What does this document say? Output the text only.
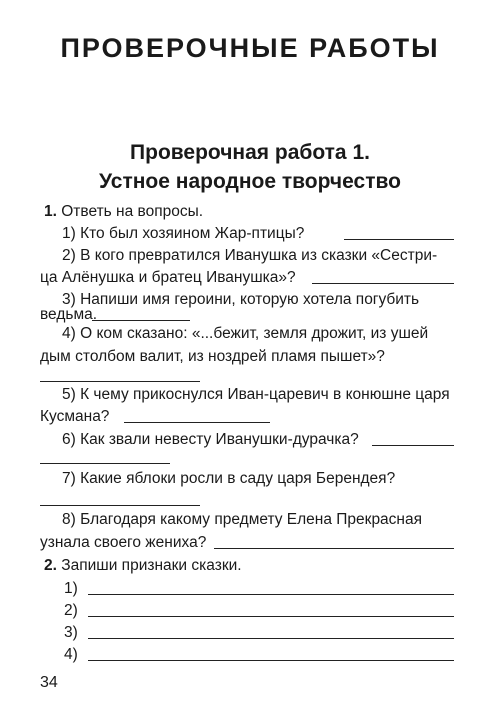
ПРОВЕРОЧНЫЕ РАБОТЫ
Проверочная работа 1.
Устное народное творчество
1. Ответь на вопросы.
1) Кто был хозяином Жар-птицы?
2) В кого превратился Иванушка из сказки «Сестри-
ца Алёнушка и братец Иванушка»?
3) Напиши имя героини, которую хотела погубить
ведьма.
4) О ком сказано: «...бежит, земля дрожит, из ушей
дым столбом валит, из ноздрей пламя пышет»?
5) К чему прикоснулся Иван-царевич в конюшне царя
Кусмана?
6) Как звали невесту Иванушки-дурачка?
7) Какие яблоки росли в саду царя Берендея?
8) Благодаря какому предмету Елена Прекрасная
узнала своего жениха?
2. Запиши признаки сказки.
1)
2)
3)
4)
34
